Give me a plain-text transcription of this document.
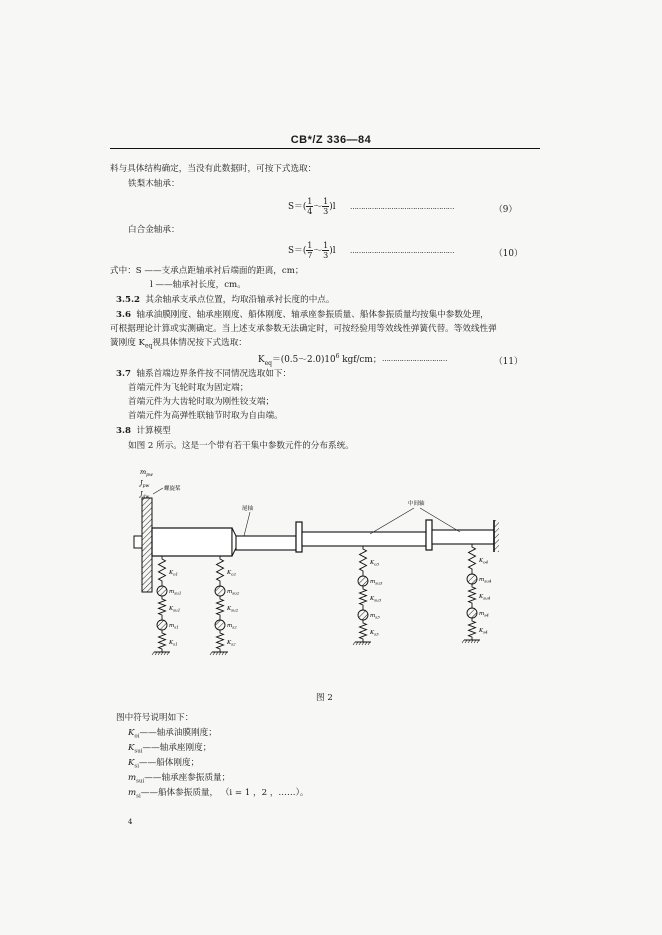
CB*/Z 336—84
料与具体结构确定，当没有此数据时，可按下式选取：
铁梨木轴承：
$S=( \frac{1}{4}$ ～ $\frac{1}{3} )l$ …………………………………………	（9）
白合金轴承：
$S=( \frac{1}{7}$ ～ $\frac{1}{3} )l$ …………………………………………	（10）
式中：S ——支承点距轴承衬后端面的距离，cm；
l ——轴承衬长度，cm。
3.5.2 其余轴承支承点位置，均取沿轴承衬长度的中点。
3.6 轴承油膜刚度、轴承座刚度、船体刚度、轴承座参振质量、船体参振质量均按集中参数处理，
可根据理论计算或实测确定。当上述支承参数无法确定时，可按经验用等效线性弹簧代替。等效线性弹
簧刚度 $K_{eq}$视具体情况按下式选取：
$K_{eq}=(0.5\sim 2.0)10^6$ kgf/cm； …………………………	（11）
3.7 轴系首端边界条件按不同情况选取如下：
首端元件为飞轮时取为固定端；
首端元件为大齿轮时取为刚性铰支端；
首端元件为高弹性联轴节时取为自由端。
3.8 计算模型
如图 2 所示。这是一个带有若干集中参数元件的分布系统。
$m_{pw}$
$J_{pw}$
J
螺旋桨
尾轴
中间轴
$K_{o1}$
$m_{su1}$
$K_{su1}$
$m_{s1}$
$K_{s1}$
$K_{o2}$
$m_{su2}$
$K_{su2}$
$m_{s2}$
$K_{s2}$
$K_{o3}$
$m_{su3}$
$K_{su3}$
$m_{s3}$
$K_{s3}$
$K_{o4}$
$m_{su4}$
$K_{su4}$
$m_{s4}$
$K_{s4}$
图 2
图中符号说明如下：
$K_{oi}——$轴承油膜刚度；
$K_{sui}——$轴承座刚度；
$K_{si}——$船体刚度；
$m_{sui}——$轴承座参振质量；
$m_{si}——$船体参振质量， （i = 1 ，2 ，……）。
4
